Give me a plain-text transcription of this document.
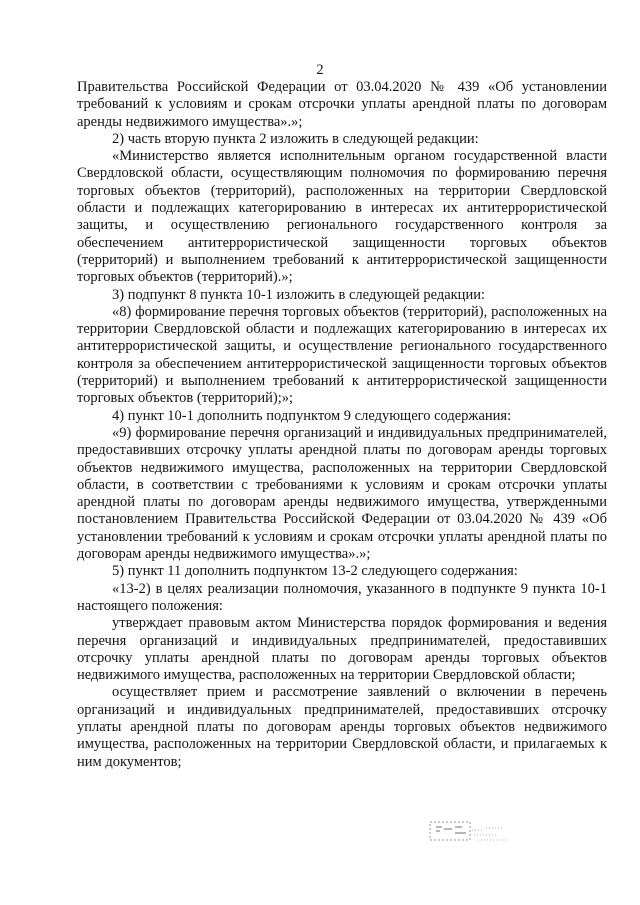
2

Правительства Российской Федерации от 03.04.2020 № 439 «Об установлении требований к условиям и срокам отсрочки уплаты арендной платы по договорам аренды недвижимого имущества».»;

2) часть вторую пункта 2 изложить в следующей редакции:

«Министерство является исполнительным органом государственной власти Свердловской области, осуществляющим полномочия по формированию перечня торговых объектов (территорий), расположенных на территории Свердловской области и подлежащих категорированию в интересах их антитеррористической защиты, и осуществлению регионального государственного контроля за обеспечением антитеррористической защищенности торговых объектов (территорий) и выполнением требований к антитеррористической защищенности торговых объектов (территорий).»;

3) подпункт 8 пункта 10-1 изложить в следующей редакции:

«8) формирование перечня торговых объектов (территорий), расположенных на территории Свердловской области и подлежащих категорированию в интересах их антитеррористической защиты, и осуществление регионального государственного контроля за обеспечением антитеррористической защищенности торговых объектов (территорий) и выполнением требований к антитеррористической защищенности торговых объектов (территорий);»;

4) пункт 10-1 дополнить подпунктом 9 следующего содержания:

«9) формирование перечня организаций и индивидуальных предпринимателей, предоставивших отсрочку уплаты арендной платы по договорам аренды торговых объектов недвижимого имущества, расположенных на территории Свердловской области, в соответствии с требованиями к условиям и срокам отсрочки уплаты арендной платы по договорам аренды недвижимого имущества, утвержденными постановлением Правительства Российской Федерации от 03.04.2020 № 439 «Об установлении требований к условиям и срокам отсрочки уплаты арендной платы по договорам аренды недвижимого имущества».»;

5) пункт 11 дополнить подпунктом 13-2 следующего содержания:

«13-2) в целях реализации полномочия, указанного в подпункте 9 пункта 10-1 настоящего положения:

утверждает правовым актом Министерства порядок формирования и ведения перечня организаций и индивидуальных предпринимателей, предоставивших отсрочку уплаты арендной платы по договорам аренды торговых объектов недвижимого имущества, расположенных на территории Свердловской области;

осуществляет прием и рассмотрение заявлений о включении в перечень организаций и индивидуальных предпринимателей, предоставивших отсрочку уплаты арендной платы по договорам аренды торговых объектов недвижимого имущества, расположенных на территории Свердловской области, и прилагаемых к ним документов;
